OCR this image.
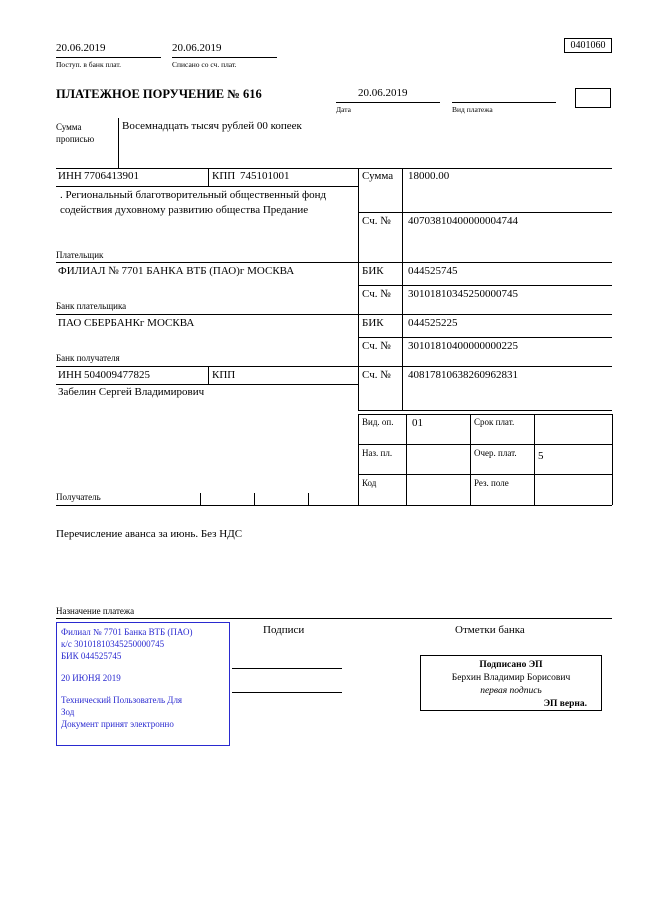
20.06.2019
Поступ. в банк плат.
20.06.2019
Списано со сч. плат.
0401060
ПЛАТЕЖНОЕ ПОРУЧЕНИЕ № 616	20.06.2019
Дата	Вид платежа
Сумма
прописью
Восемнадцать тысяч рублей 00 копеек
ИНН 7706413901	КПП 745101001	Сумма 18000.00
Сч. № 40703810400000004744
. Региональный благотворительный общественный фонд содействия духовному развитию общества Предание
Плательщик
ФИЛИАЛ № 7701 БАНКА ВТБ (ПАО)г МОСКВА
Банк плательщика
БИК 044525745
Сч. № 30101810345250000745
ПАО СБЕРБАНКг МОСКВА
Банк получателя
БИК 044525225
Сч. № 30101810400000000225
ИНН 504009477825	КПП	Сч. № 40817810638260962831
Забелин Сергей Владимирович
Получатель
Вид. оп. 01	Срок плат.
Наз. пл.	Очер. плат.	5
Код	Рез. поле
Перечисление аванса за июнь. Без НДС
Назначение платежа
Подписи	Отметки банка
Филиал № 7701 Банка ВТБ (ПАО)
к/с 30101810345250000745
БИК 044525745
20 ИЮНЯ 2019
Технический Пользователь Для
Зод
Документ принят электронно
Подписано ЭП
Берхин Владимир Борисович
первая подпись
ЭП верна.
